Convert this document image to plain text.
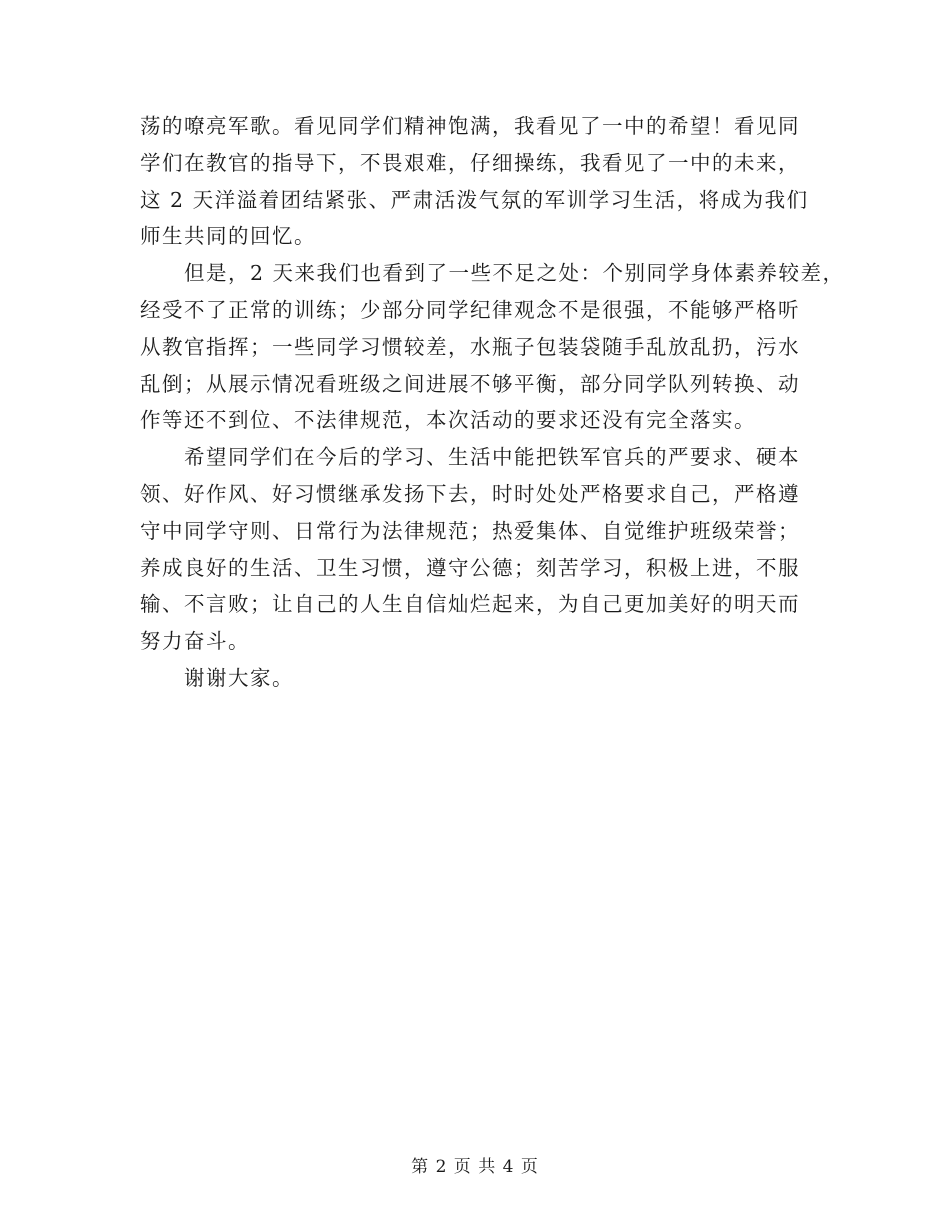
荡的嘹亮军歌。看见同学们精神饱满，我看见了一中的希望！看见同
学们在教官的指导下，不畏艰难，仔细操练，我看见了一中的未来，
这 2 天洋溢着团结紧张、严肃活泼气氛的军训学习生活，将成为我们
师生共同的回忆。
　　但是，2 天来我们也看到了一些不足之处：个别同学身体素养较差，
经受不了正常的训练；少部分同学纪律观念不是很强，不能够严格听
从教官指挥；一些同学习惯较差，水瓶子包装袋随手乱放乱扔，污水
乱倒；从展示情况看班级之间进展不够平衡，部分同学队列转换、动
作等还不到位、不法律规范，本次活动的要求还没有完全落实。
　　希望同学们在今后的学习、生活中能把铁军官兵的严要求、硬本
领、好作风、好习惯继承发扬下去，时时处处严格要求自己，严格遵
守中同学守则、日常行为法律规范；热爱集体、自觉维护班级荣誉；
养成良好的生活、卫生习惯，遵守公德；刻苦学习，积极上进，不服
输、不言败；让自己的人生自信灿烂起来，为自己更加美好的明天而
努力奋斗。
　　谢谢大家。
第 2 页 共 4 页
